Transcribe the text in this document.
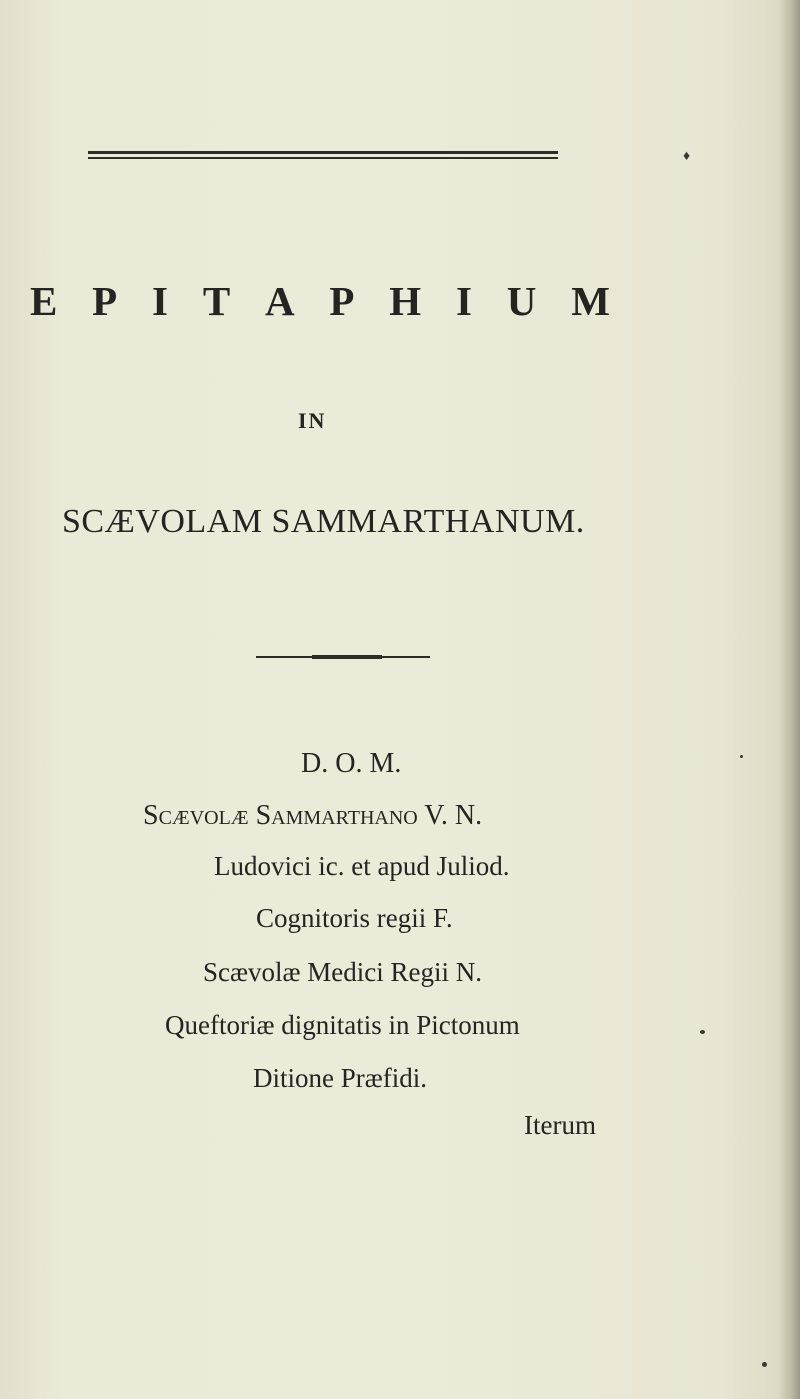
♦
E P I T A P H I U M
IN
SCÆVOLAM SAMMARTHANUM.
D. O. M.
Scævolæ Sammarthano V. N.
Ludovici ic. et apud Juliod.
Cognitoris regii F.
Scævolæ Medici Regii N.
Queftoriæ dignitatis in Pictonum
Ditione Præfidi.
Iterum
